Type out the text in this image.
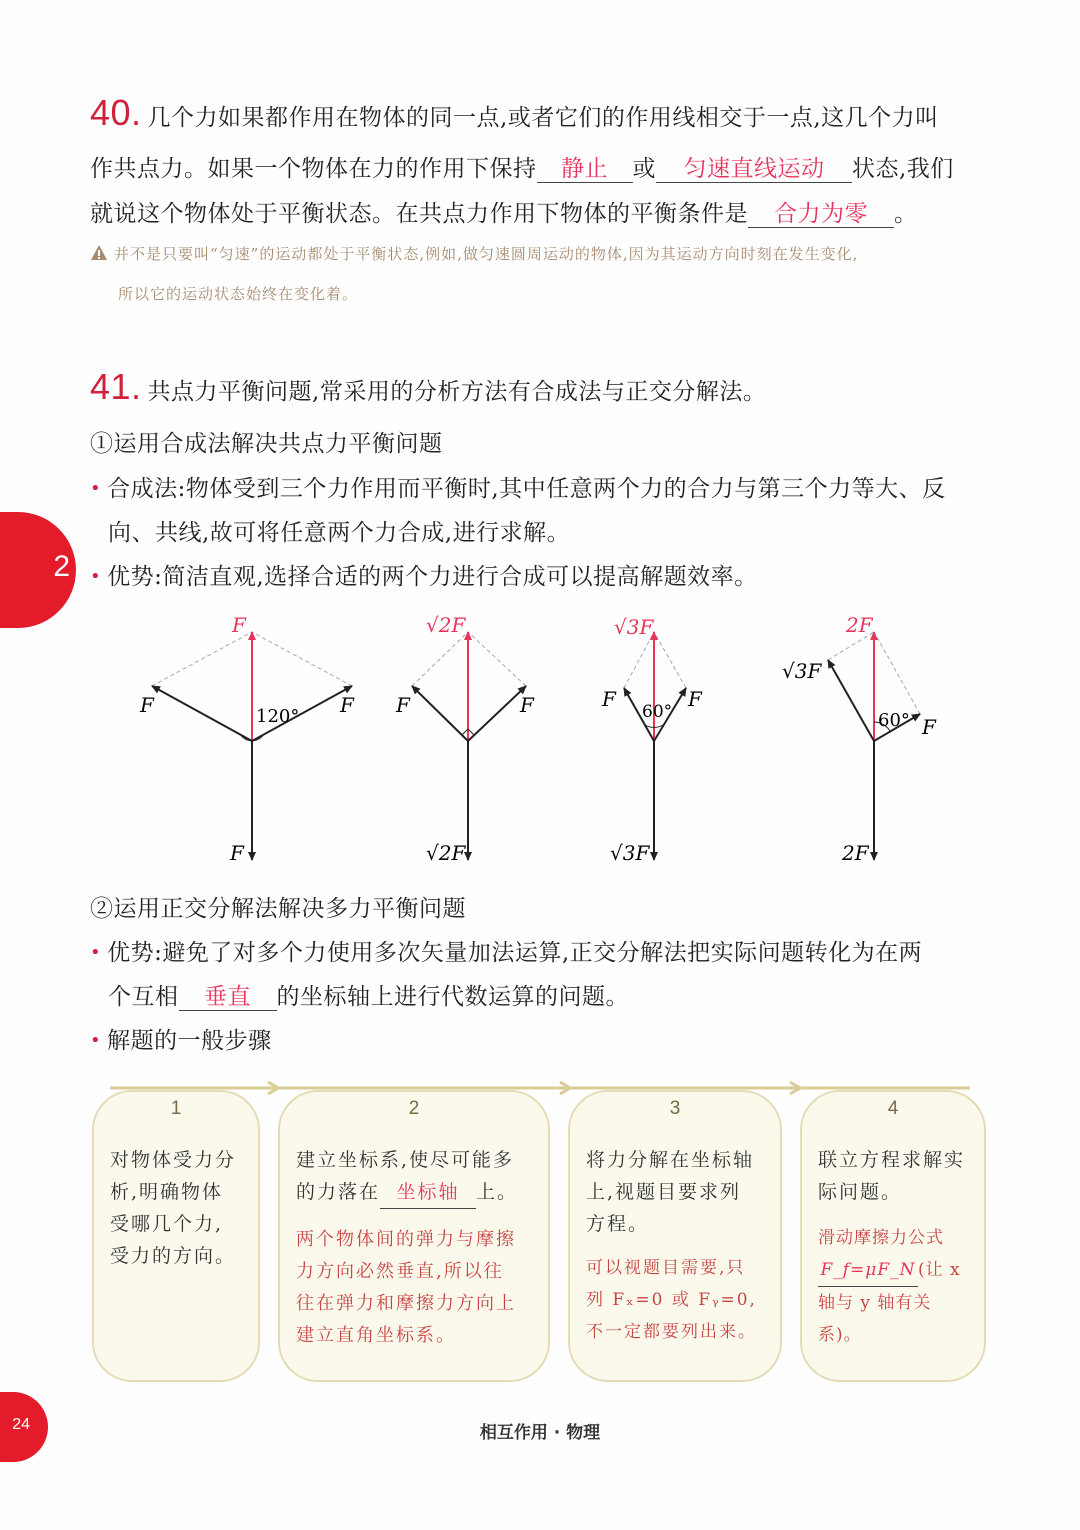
2
24
40. 几个力如果都作用在物体的同一点,或者它们的作用线相交于一点,这几个力叫
作共点力。如果一个物体在力的作用下保持 静止 或 匀速直线运动 状态,我们
就说这个物体处于平衡状态。在共点力作用下物体的平衡条件是 合力为零 。
并不是只要叫“匀速”的运动都处于平衡状态,例如,做匀速圆周运动的物体,因为其运动方向时刻在发生变化,
所以它的运动状态始终在变化着。
41. 共点力平衡问题,常采用的分析方法有合成法与正交分解法。
①运用合成法解决共点力平衡问题
• 合成法:物体受到三个力作用而平衡时,其中任意两个力的合力与第三个力等大、反
向、共线,故可将任意两个力合成,进行求解。
• 优势:简洁直观,选择合适的两个力进行合成可以提高解题效率。
F
F	F
F
120°
√2F
F	F
√2F
√3F
F	F
60°
√3F
2F
√3F
F
60°
2F
②运用正交分解法解决多力平衡问题
• 优势:避免了对多个力使用多次矢量加法运算,正交分解法把实际问题转化为在两
个互相 垂直 的坐标轴上进行代数运算的问题。
• 解题的一般步骤
1
对物体受力分
析,明确物体
受哪几个力,
受力的方向。
2
建立坐标系,使尽可能多
的力落在 坐标轴 上。
两个物体间的弹力与摩擦
力方向必然垂直,所以往
往在弹力和摩擦力方向上
建立直角坐标系。
3
将力分解在坐标轴
上,视题目要求列
方程。
可以视题目需要,只
列 Fₓ=0 或 Fᵧ=0,
不一定都要列出来。
4
联立方程求解实
际问题。
滑动摩擦力公式
F_f=μF_N (让 x
轴与 y 轴有关系)。
相互作用 · 物理
